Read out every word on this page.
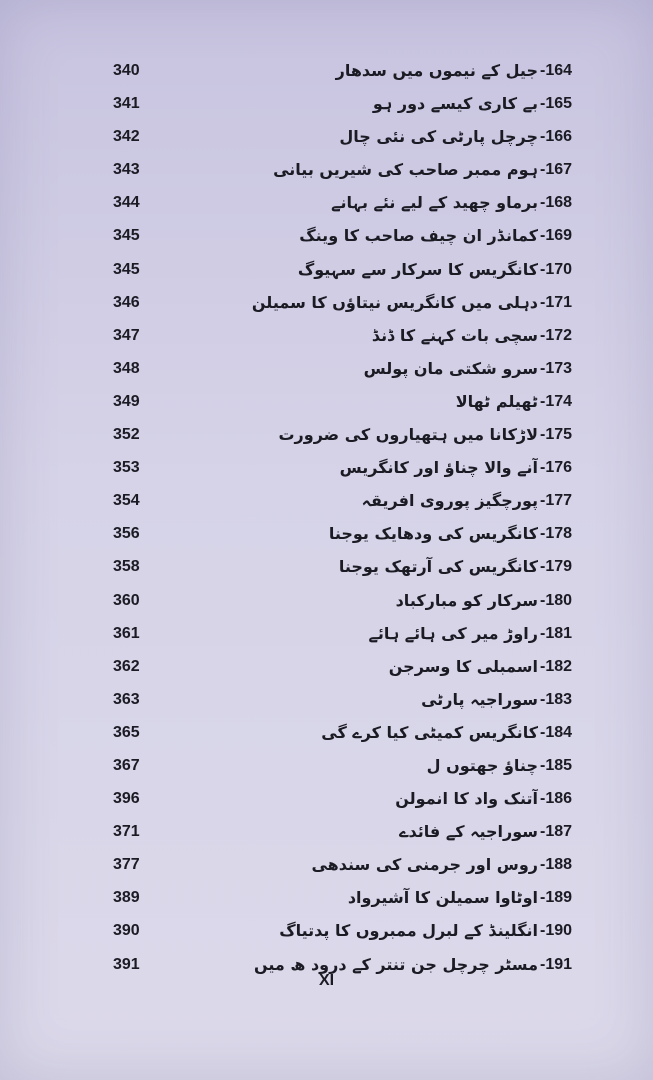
340	جیل کے نیموں میں سدھار -164
341	بے کاری کیسے دور ہو -165
342	چرچل پارٹی کی نئی چال -166
343	ہوم ممبر صاحب کی شیریں بیانی -167
344	برماو چھید کے لیے نئے بہانے -168
345	کمانڈر ان چیف صاحب کا وینگ -169
345	کانگریس کا سرکار سے سہیوگ -170
346	دہلی میں کانگریس نیتاؤں کا سمیلن -171
347	سچی بات کہنے کا ڈنڈ -172
348	سرو شکتی مان پولس -173
349	ٹھیلم ٹھالا -174
352	لاڑکانا میں ہتھیاروں کی ضرورت -175
353	آنے والا چناؤ اور کانگریس -176
354	پورچگیز پوروی افریقہ -177
356	کانگریس کی ودھایک یوجنا -178
358	کانگریس کی آرتھک یوجنا -179
360	سرکار کو مبارکباد -180
361	راوڑ میر کی ہائے ہائے -181
362	اسمبلی کا وسرجن -182
363	سوراجیہ پارٹی -183
365	کانگریس کمیٹی کیا کرے گی -184
367	چناؤ جھتوں ل -185
396	آتنک واد کا انمولن -186
371	سوراجیہ کے فائدے -187
377	روس اور جرمنی کی سندھی -188
389	اوٹاوا سمیلن کا آشیرواد -189
390	انگلینڈ کے لبرل ممبروں کا پدتیاگ -190
391	مسٹر چرچل جن تنتر کے درود ھ میں -191
XI
